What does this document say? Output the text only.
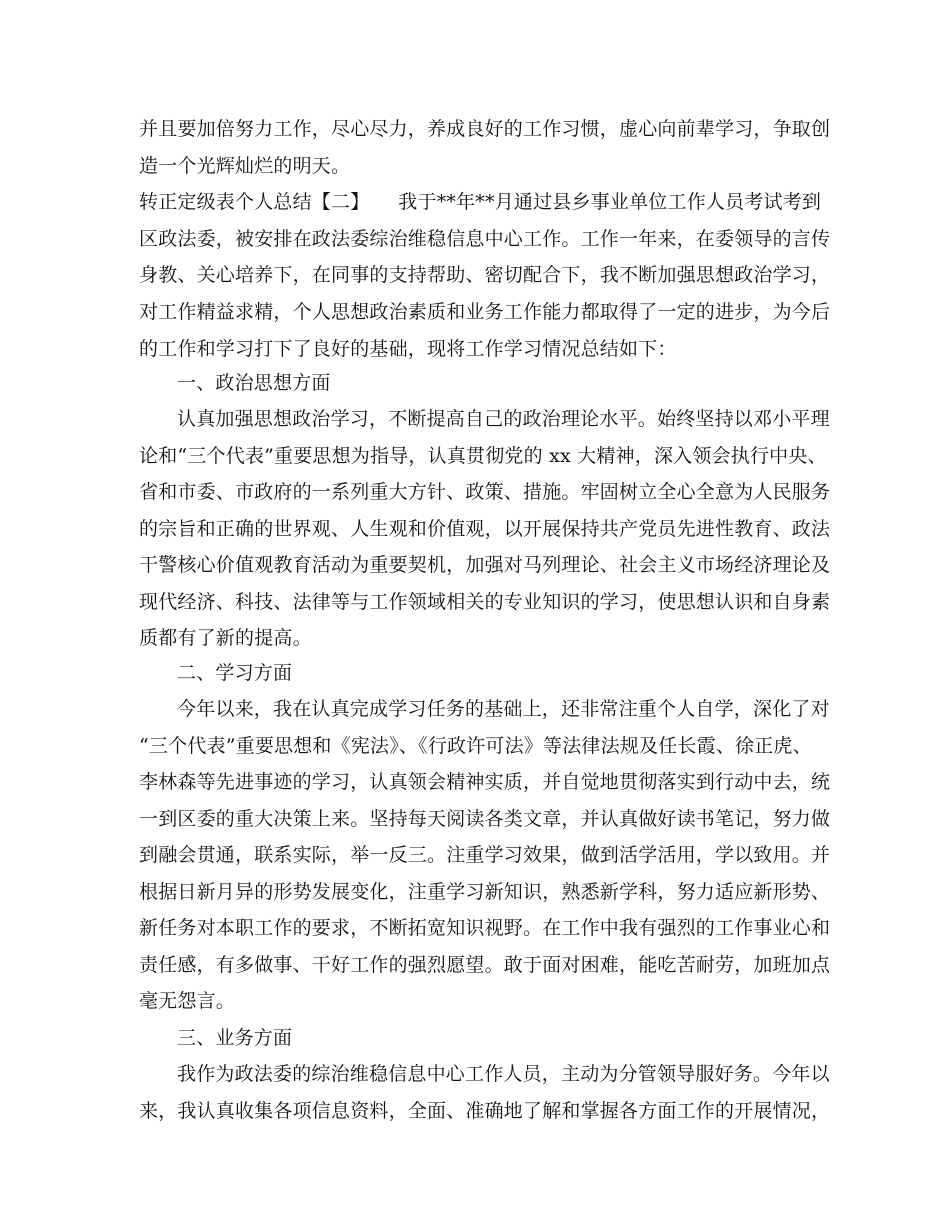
并且要加倍努力工作，尽心尽力，养成良好的工作习惯，虚心向前辈学习，争取创
造一个光辉灿烂的明天。
转正定级表个人总结【二】　　我于**年**月通过县乡事业单位工作人员考试考到
区政法委，被安排在政法委综治维稳信息中心工作。工作一年来，在委领导的言传
身教、关心培养下，在同事的支持帮助、密切配合下，我不断加强思想政治学习，
对工作精益求精，个人思想政治素质和业务工作能力都取得了一定的进步，为今后
的工作和学习打下了良好的基础，现将工作学习情况总结如下：
一、政治思想方面
认真加强思想政治学习，不断提高自己的政治理论水平。始终坚持以邓小平理
论和“三个代表”重要思想为指导，认真贯彻党的 xx 大精神，深入领会执行中央、
省和市委、市政府的一系列重大方针、政策、措施。牢固树立全心全意为人民服务
的宗旨和正确的世界观、人生观和价值观，以开展保持共产党员先进性教育、政法
干警核心价值观教育活动为重要契机，加强对马列理论、社会主义市场经济理论及
现代经济、科技、法律等与工作领域相关的专业知识的学习，使思想认识和自身素
质都有了新的提高。
二、学习方面
今年以来，我在认真完成学习任务的基础上，还非常注重个人自学，深化了对
“三个代表”重要思想和《宪法》、《行政许可法》等法律法规及任长霞、徐正虎、
李林森等先进事迹的学习，认真领会精神实质，并自觉地贯彻落实到行动中去，统
一到区委的重大决策上来。坚持每天阅读各类文章，并认真做好读书笔记，努力做
到融会贯通，联系实际，举一反三。注重学习效果，做到活学活用，学以致用。并
根据日新月异的形势发展变化，注重学习新知识，熟悉新学科，努力适应新形势、
新任务对本职工作的要求，不断拓宽知识视野。在工作中我有强烈的工作事业心和
责任感，有多做事、干好工作的强烈愿望。敢于面对困难，能吃苦耐劳，加班加点
毫无怨言。
三、业务方面
我作为政法委的综治维稳信息中心工作人员，主动为分管领导服好务。今年以
来，我认真收集各项信息资料，全面、准确地了解和掌握各方面工作的开展情况，
